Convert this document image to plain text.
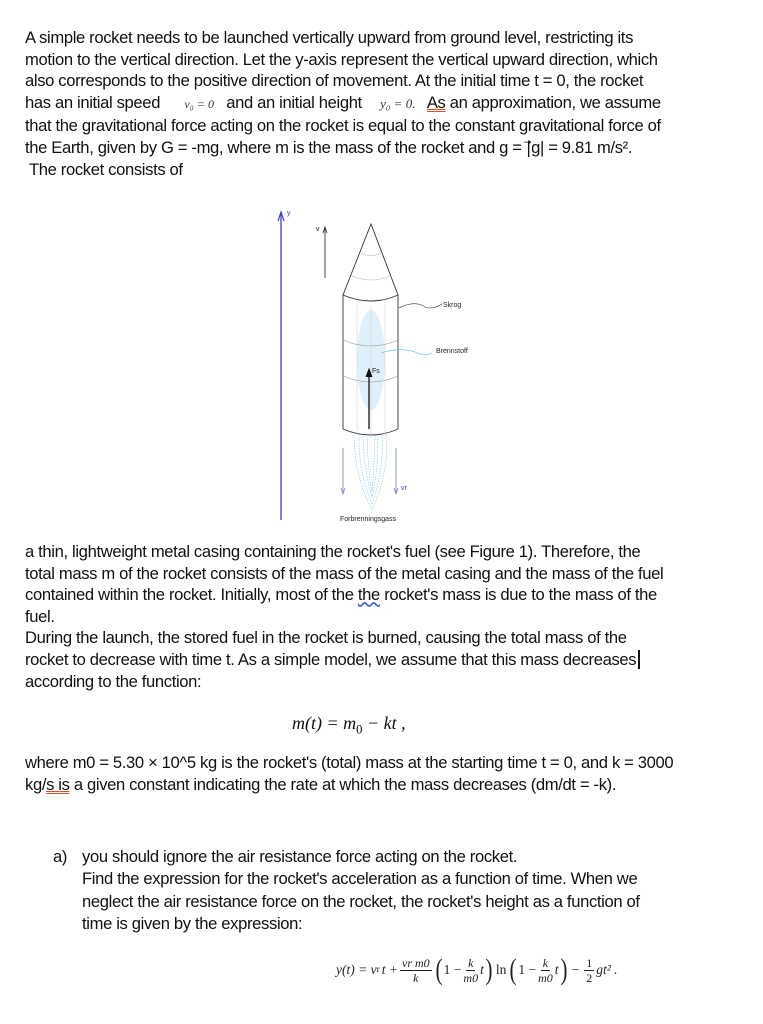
A simple rocket needs to be launched vertically upward from ground level, restricting its
motion to the vertical direction. Let the y-axis represent the vertical upward direction, which
also corresponds to the positive direction of movement. At the initial time t = 0, the rocket
has an initial speed v₀ = 0 and an initial height y₀ = 0. As an approximation, we assume
that the gravitational force acting on the rocket is equal to the constant gravitational force of
the Earth, given by G = -mg, where m is the mass of the rocket and g = |⃗g| = 9.81 m/s².
The rocket consists of
y
v
Skrog
Brennstoff
Fs
vr
Forbrenningsgass
a thin, lightweight metal casing containing the rocket's fuel (see Figure 1). Therefore, the
total mass m of the rocket consists of the mass of the metal casing and the mass of the fuel
contained within the rocket. Initially, most of the the rocket's mass is due to the mass of the
fuel.
During the launch, the stored fuel in the rocket is burned, causing the total mass of the
rocket to decrease with time t. As a simple model, we assume that this mass decreases
according to the function:
$m(t) = m_0$ − kt ,
where m0 = 5.30 × 10^5 kg is the rocket's (total) mass at the starting time t = 0, and k = 3000
kg/s is a given constant indicating the rate at which the mass decreases (dm/dt = -k).
a) you should ignore the air resistance force acting on the rocket.
Find the expression for the rocket's acceleration as a function of time. When we
neglect the air resistance force on the rocket, the rocket's height as a function of
time is given by the expression:
y(t) = v r $t + \frac{\text{vr m0}}{k}$ ( $1 - \frac{k}{m0}$ t ) ln ( $1 - \frac{k}{m0}$ t ) − $\frac{1}{2} gt^2$ .
